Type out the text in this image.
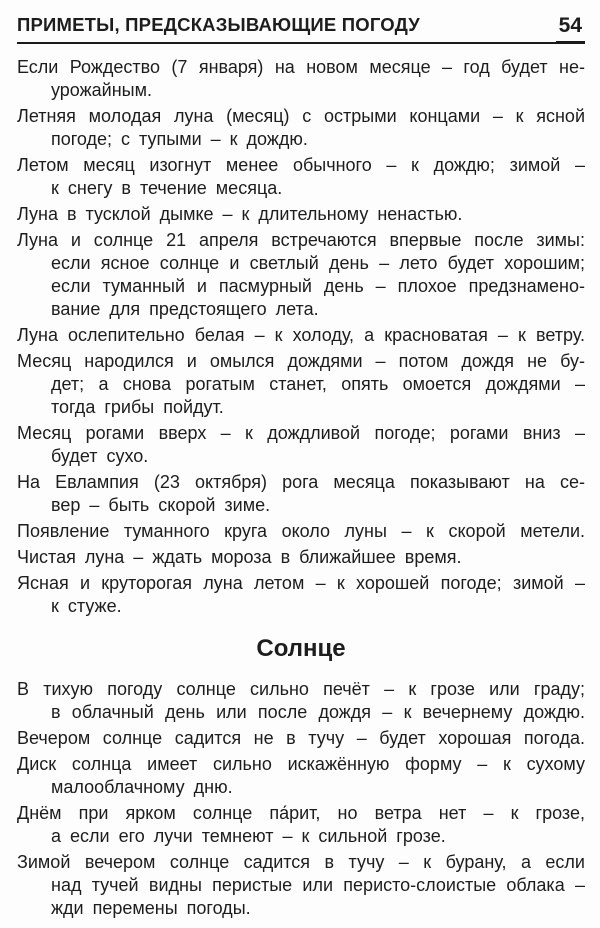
ПРИМЕТЫ, ПРЕДСКАЗЫВАЮЩИЕ ПОГОДУ	54

Если Рождество (7 января) на новом месяце – год будет не-
урожайным.

Летняя молодая луна (месяц) с острыми концами – к ясной
погоде; с тупыми – к дождю.

Летом месяц изогнут менее обычного – к дождю; зимой –
к снегу в течение месяца.

Луна в тусклой дымке – к длительному ненастью.

Луна и солнце 21 апреля встречаются впервые после зимы:
если ясное солнце и светлый день – лето будет хорошим;
если туманный и пасмурный день – плохое предзнамено-
вание для предстоящего лета.

Луна ослепительно белая – к холоду, а красноватая – к ветру.

Месяц народился и омылся дождями – потом дождя не бу-
дет; а снова рогатым станет, опять омоется дождями –
тогда грибы пойдут.

Месяц рогами вверх – к дождливой погоде; рогами вниз –
будет сухо.

На Евлампия (23 октября) рога месяца показывают на се-
вер – быть скорой зиме.

Появление туманного круга около луны – к скорой метели.

Чистая луна – ждать мороза в ближайшее время.

Ясная и круторогая луна летом – к хорошей погоде; зимой –
к стуже.

Солнце

В тихую погоду солнце сильно печёт – к грозе или граду;
в облачный день или после дождя – к вечернему дождю.

Вечером солнце садится не в тучу – будет хорошая погода.

Диск солнца имеет сильно искажённую форму – к сухому
малооблачному дню.

Днём при ярком солнце па́рит, но ветра нет – к грозе,
а если его лучи темнеют – к сильной грозе.

Зимой вечером солнце садится в тучу – к бурану, а если
над тучей видны перистые или перисто-слоистые облака –
жди перемены погоды.
